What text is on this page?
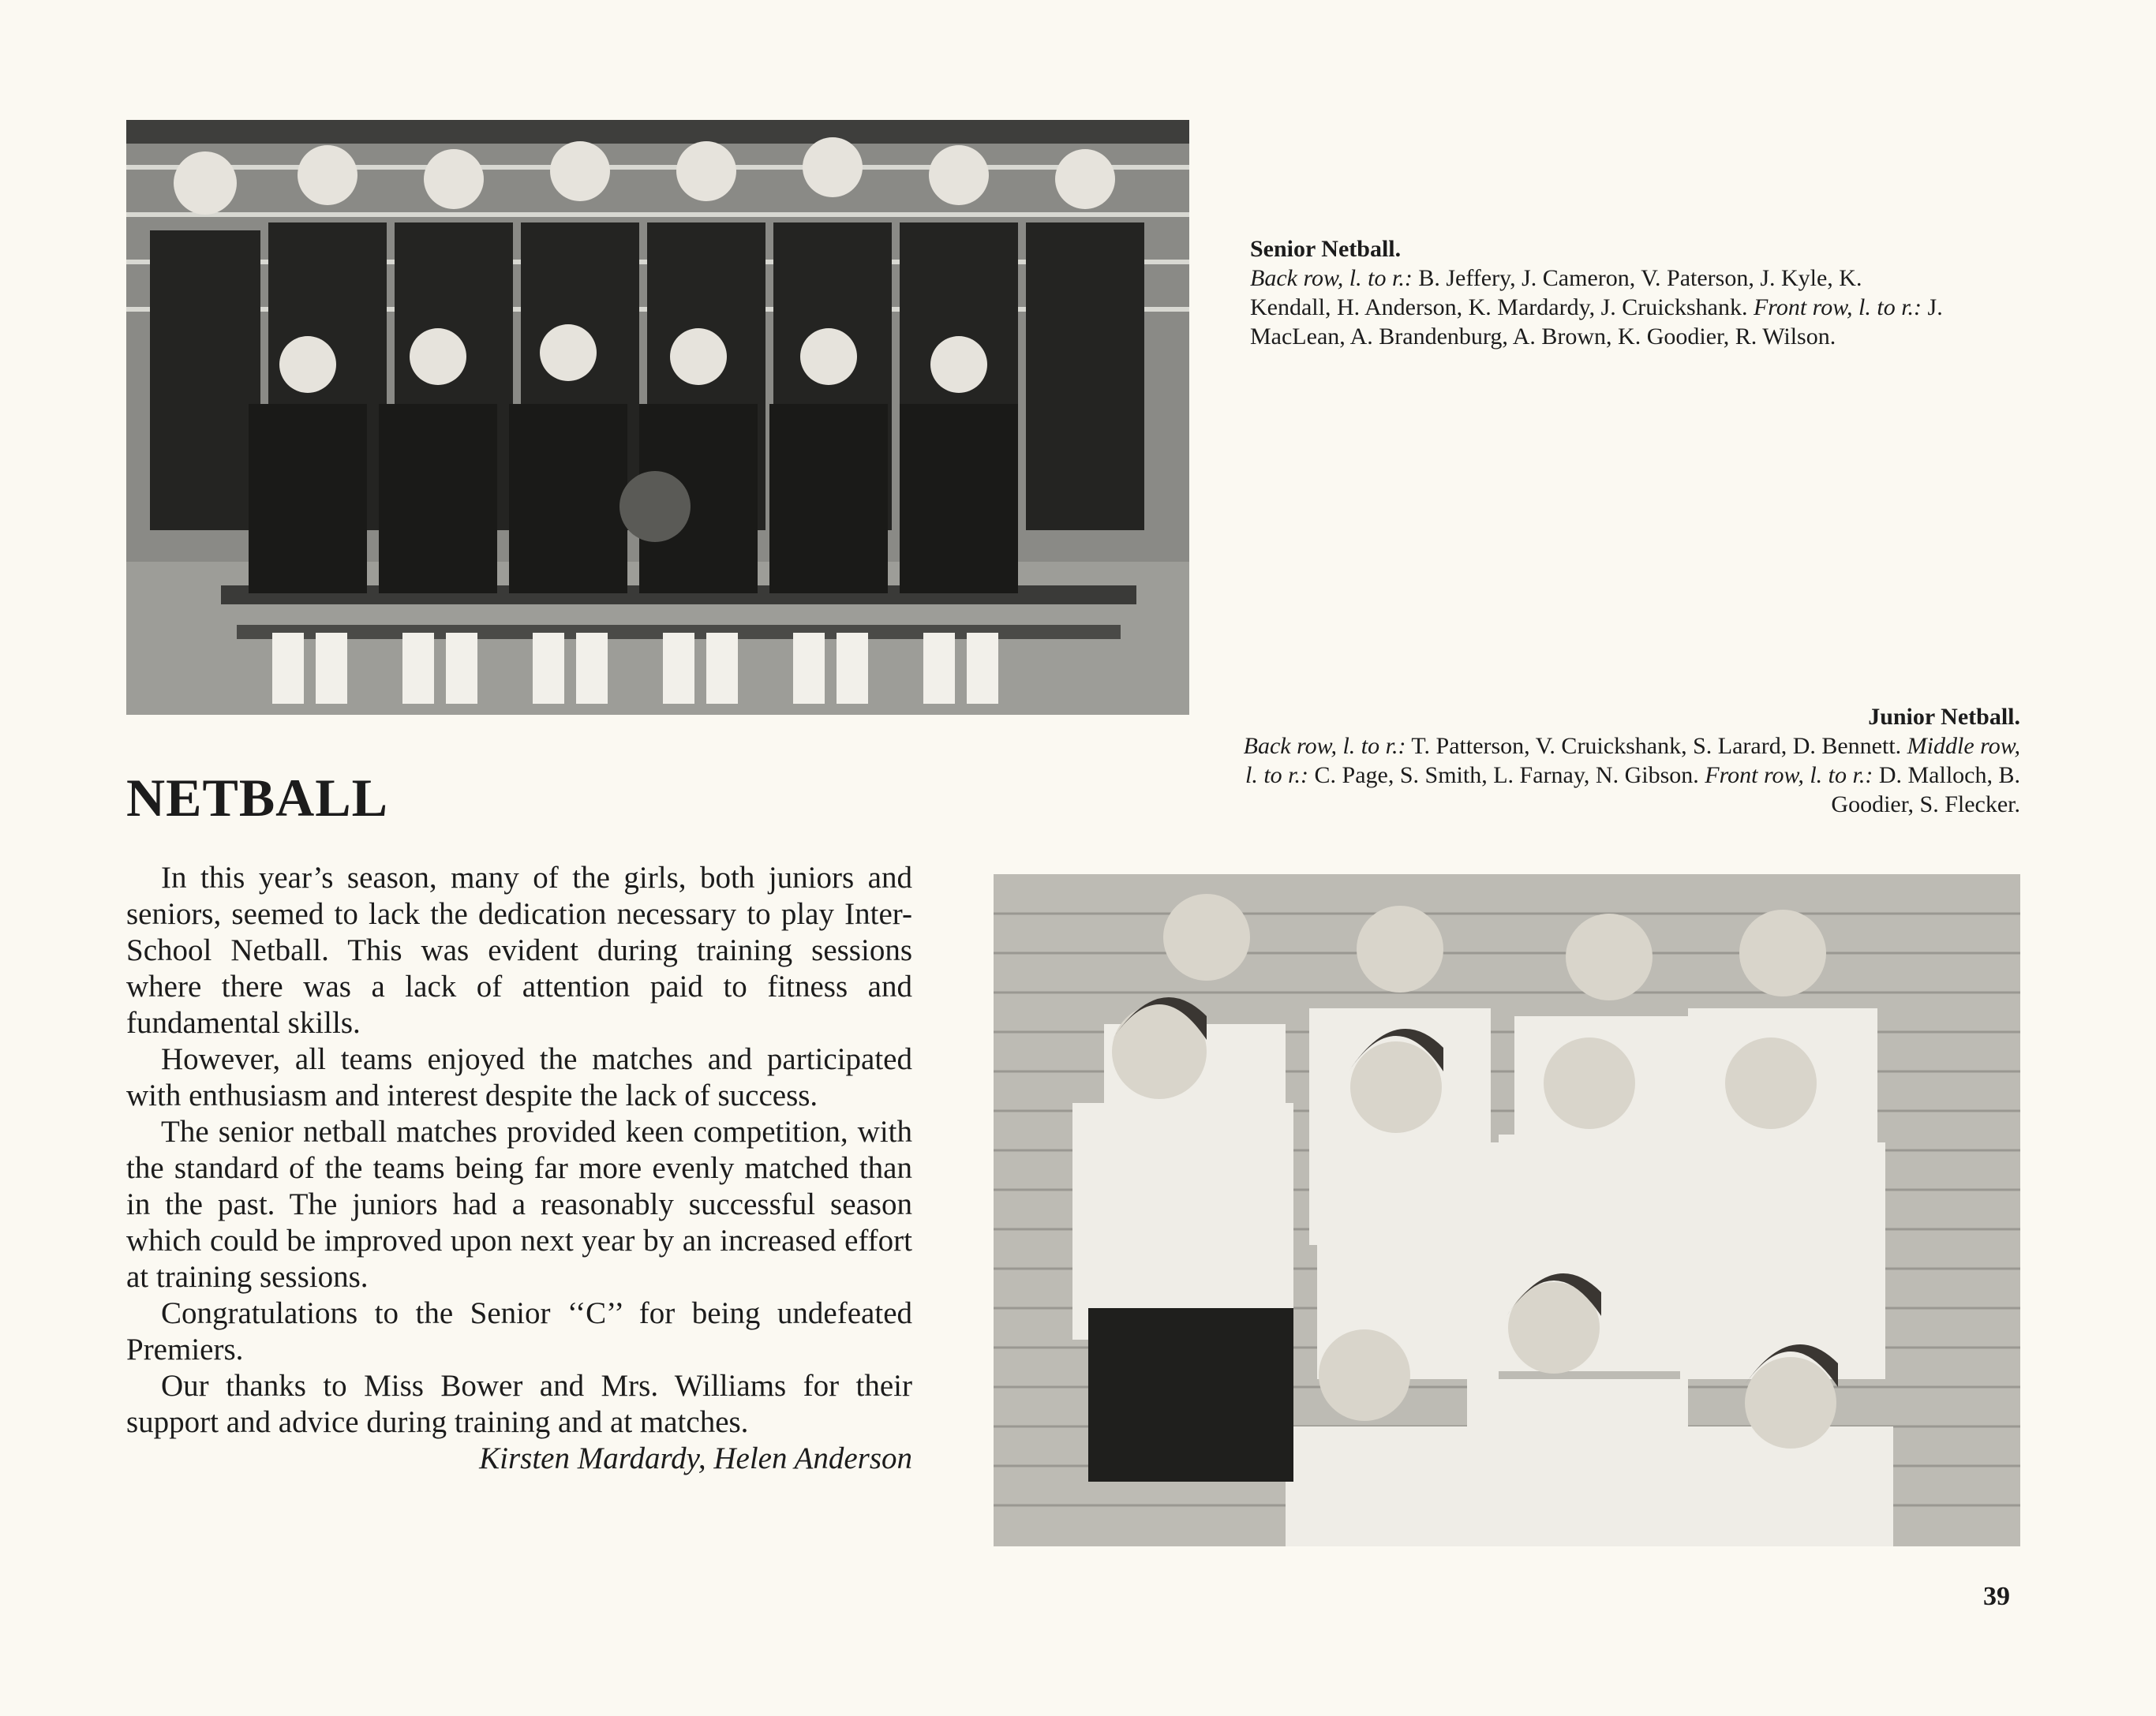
Senior Netball.
Back row, l. to r.: B. Jeffery, J. Cameron, V. Paterson, J. Kyle, K. Kendall, H. Anderson, K. Mardardy, J. Cruickshank. Front row, l. to r.: J. MacLean, A. Brandenburg, A. Brown, K. Goodier, R. Wilson.
Junior Netball.
Back row, l. to r.: T. Patterson, V. Cruickshank, S. Larard, D. Bennett. Middle row, l. to r.: C. Page, S. Smith, L. Farnay, N. Gibson. Front row, l. to r.: D. Malloch, B. Goodier, S. Flecker.
NETBALL

In this year’s season, many of the girls, both juniors and seniors, seemed to lack the dedication necessary to play Inter-School Netball. This was evident during training sessions where there was a lack of attention paid to fitness and fundamental skills.

However, all teams enjoyed the matches and participated with enthusiasm and interest despite the lack of success.

The senior netball matches provided keen competition, with the standard of the teams being far more evenly matched than in the past. The juniors had a reasonably successful season which could be improved upon next year by an increased effort at training sessions.

Congratulations to the Senior ‘‘C’’ for being undefeated Premiers.

Our thanks to Miss Bower and Mrs. Williams for their support and advice during training and at matches.

Kirsten Mardardy, Helen Anderson

39
